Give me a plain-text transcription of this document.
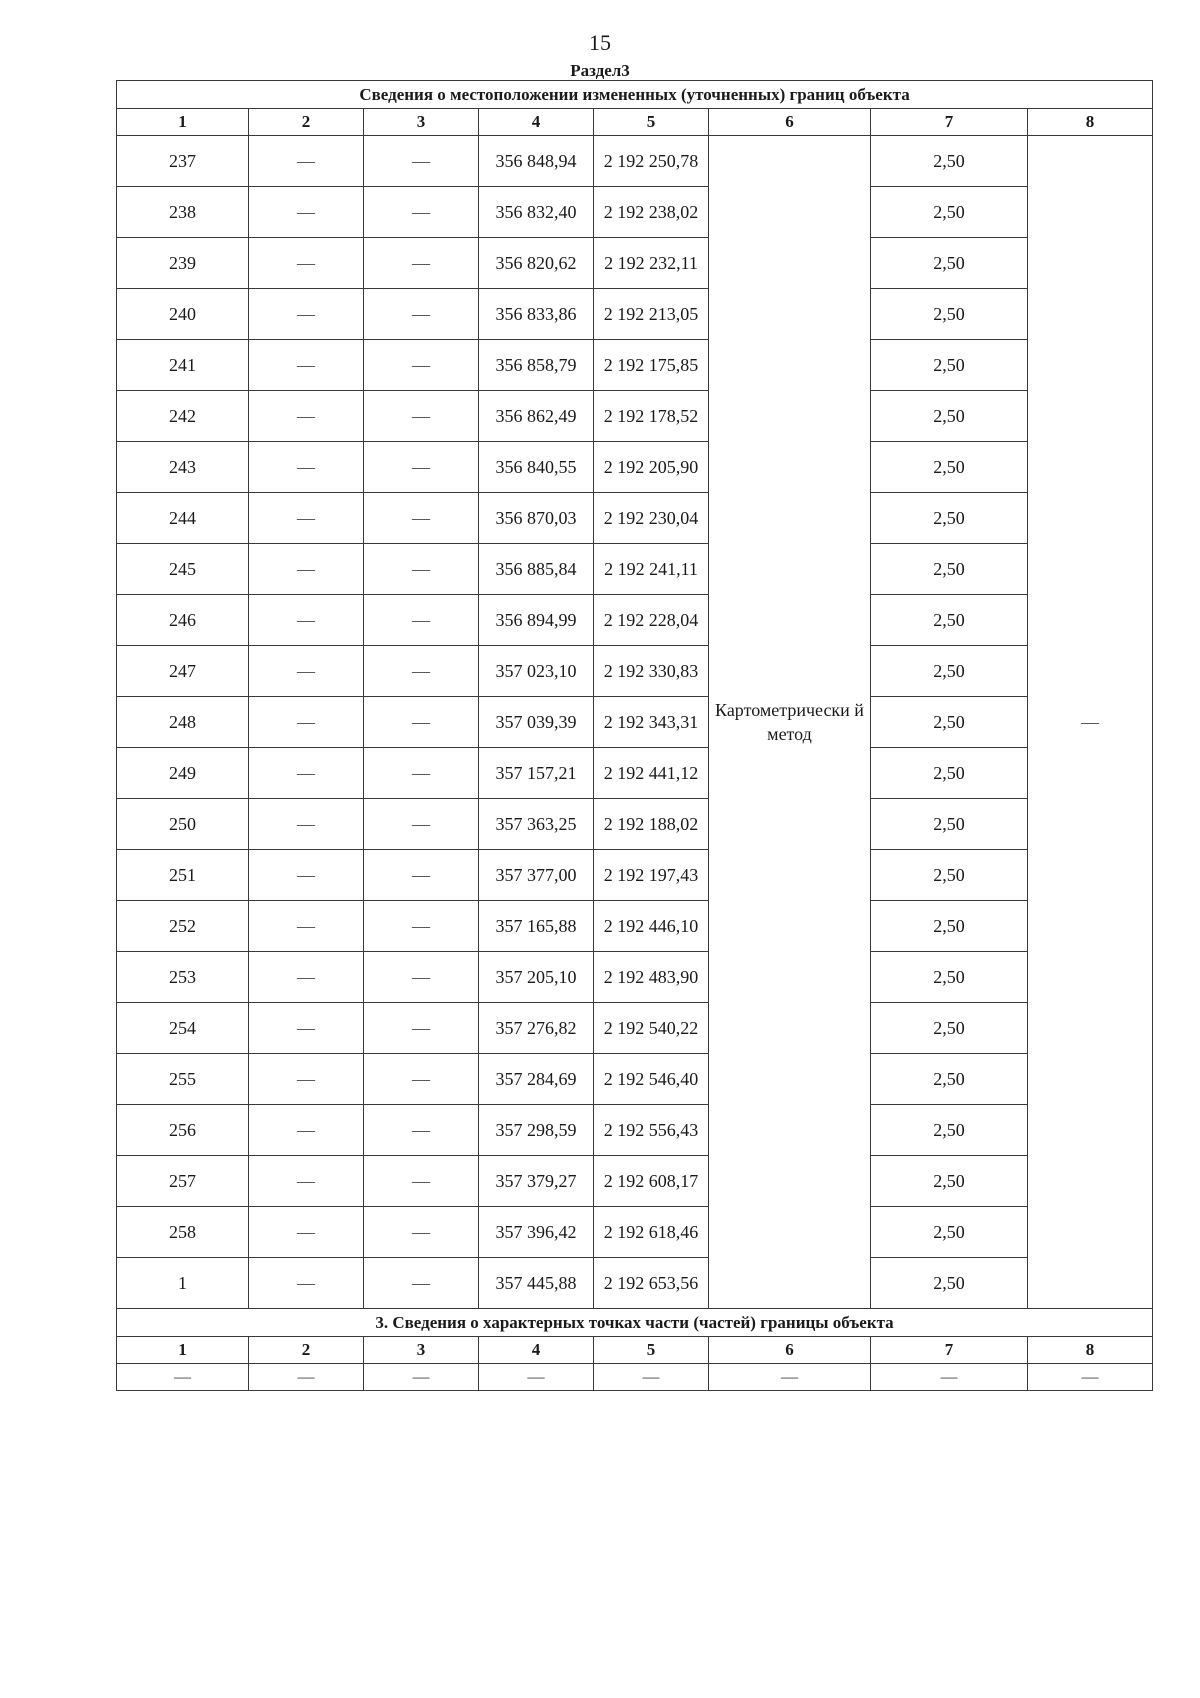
15
Раздел3
Сведения о местоположении измененных (уточненных) границ объекта							
1	2	3	4	5	6	7	8
237	—	—	356 848,94	2 192 250,78	Картометрически й метод	2,50	—
238	—	—	356 832,40	2 192 238,02		2,50	
239	—	—	356 820,62	2 192 232,11		2,50	
240	—	—	356 833,86	2 192 213,05		2,50	
241	—	—	356 858,79	2 192 175,85		2,50	
242	—	—	356 862,49	2 192 178,52		2,50	
243	—	—	356 840,55	2 192 205,90		2,50	
244	—	—	356 870,03	2 192 230,04		2,50	
245	—	—	356 885,84	2 192 241,11		2,50	
246	—	—	356 894,99	2 192 228,04		2,50	
247	—	—	357 023,10	2 192 330,83		2,50	
248	—	—	357 039,39	2 192 343,31		2,50	
249	—	—	357 157,21	2 192 441,12		2,50	
250	—	—	357 363,25	2 192 188,02		2,50	
251	—	—	357 377,00	2 192 197,43		2,50	
252	—	—	357 165,88	2 192 446,10		2,50	
253	—	—	357 205,10	2 192 483,90		2,50	
254	—	—	357 276,82	2 192 540,22		2,50	
255	—	—	357 284,69	2 192 546,40		2,50	
256	—	—	357 298,59	2 192 556,43		2,50	
257	—	—	357 379,27	2 192 608,17		2,50	
258	—	—	357 396,42	2 192 618,46		2,50	
1	—	—	357 445,88	2 192 653,56		2,50	
3. Сведения о характерных точках части (частей) границы объекта							
1	2	3	4	5	6	7	8
—	—	—	—	—	—	—	—
